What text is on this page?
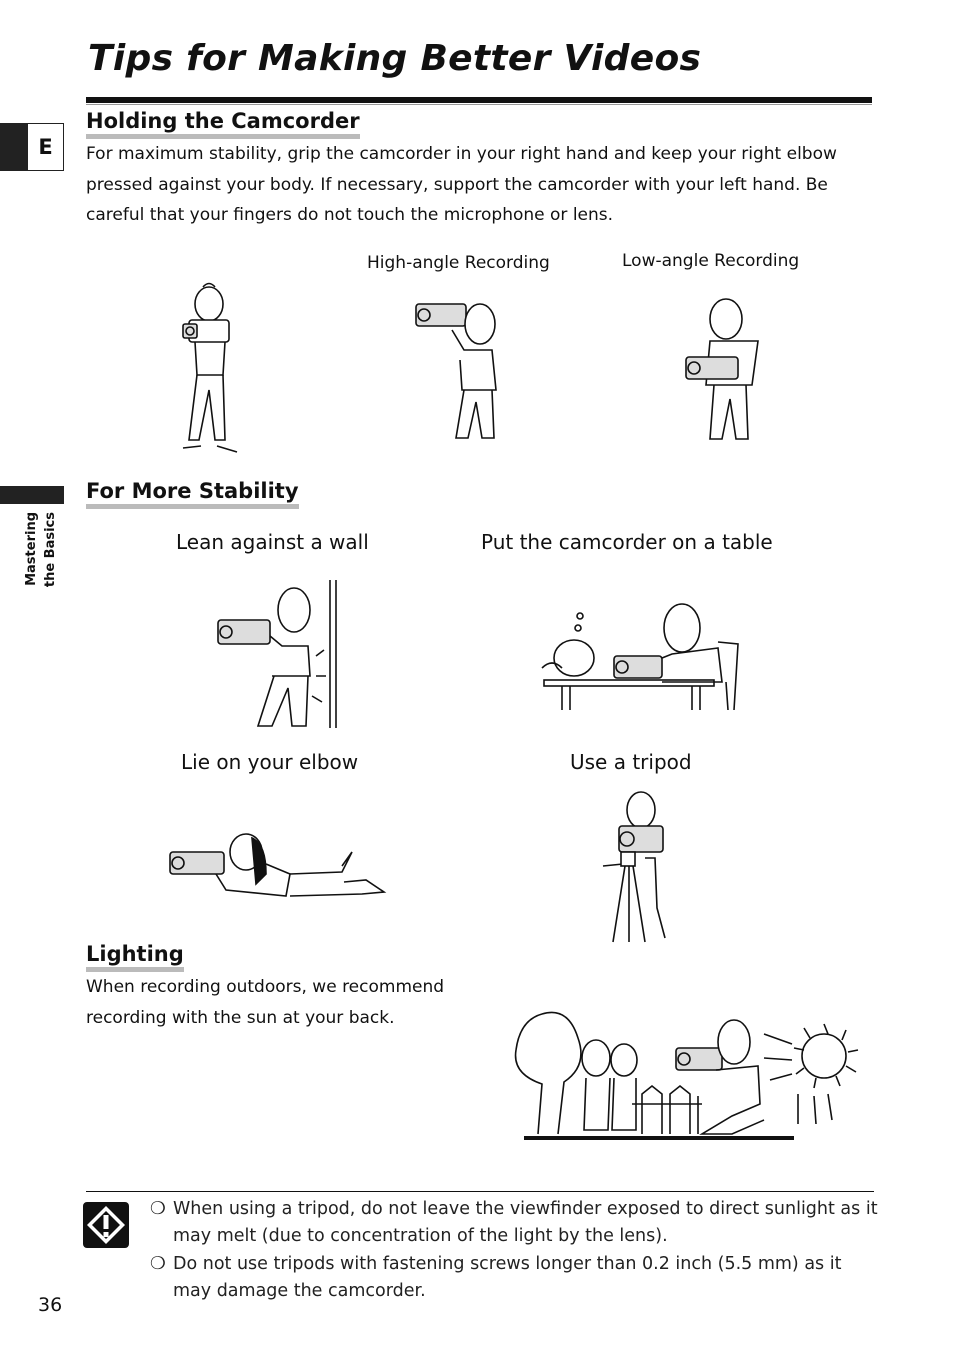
Tips for Making Better Videos
E
Mastering the Basics
Holding the Camcorder
For maximum stability, grip the camcorder in your right hand and keep your right elbow pressed against your body. If necessary, support the camcorder with your left hand. Be careful that your fingers do not touch the microphone or lens.
High-angle Recording	Low-angle Recording
For More Stability
Lean against a wall	Put the camcorder on a table
Lie on your elbow	Use a tripod
Lighting
When recording outdoors, we recommend recording with the sun at your back.
❍ When using a tripod, do not leave the viewfinder exposed to direct sunlight as it may melt (due to concentration of the light by the lens).
❍ Do not use tripods with fastening screws longer than 0.2 inch (5.5 mm) as it may damage the camcorder.
36
